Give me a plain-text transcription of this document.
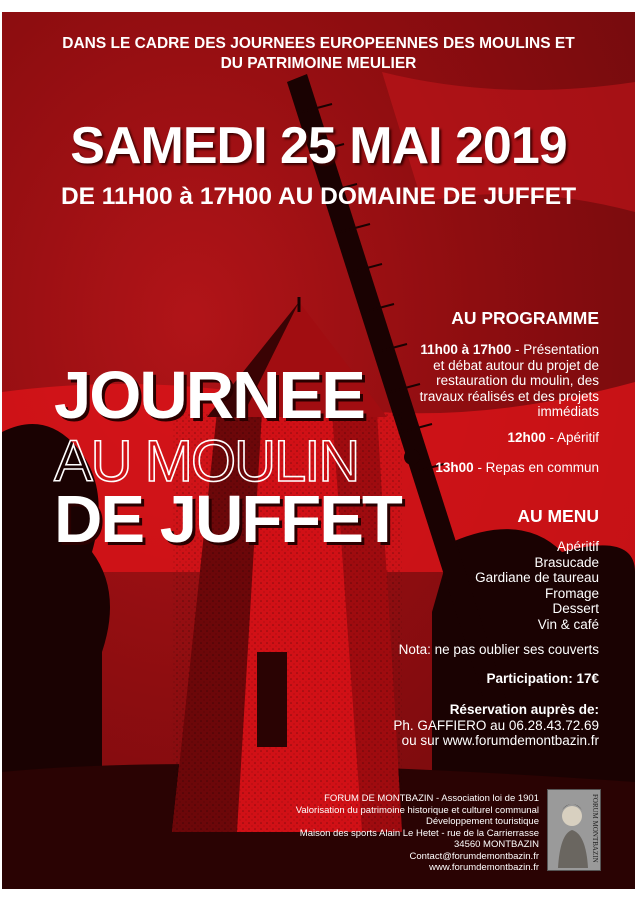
DANS LE CADRE DES JOURNEES EUROPEENNES DES MOULINS ET
DU PATRIMOINE MEULIER
SAMEDI 25 MAI 2019
DE 11H00 à 17H00 AU DOMAINE DE JUFFET
JOURNEE
AU MOULIN
DE JUFFET
AU PROGRAMME
11h00 à 17h00 - Présentation
et débat autour du projet de
restauration du moulin, des
travaux réalisés et des projets
immédiats
12h00 - Apéritif
13h00 - Repas en commun
AU MENU
Apéritif
Brasucade
Gardiane de taureau
Fromage
Dessert
Vin & café
Nota: ne pas oublier ses couverts
Participation: 17€
Réservation auprès de:
Ph. GAFFIERO au 06.28.43.72.69
ou sur www.forumdemontbazin.fr
FORUM DE MONTBAZIN - Association loi de 1901
Valorisation du patrimoine historique et culturel communal
Développement touristique
Maison des sports Alain Le Hetet - rue de la Carrierrasse
34560 MONTBAZIN
Contact@forumdemontbazin.fr
www.forumdemontbazin.fr
FORUM MONTBAZIN
